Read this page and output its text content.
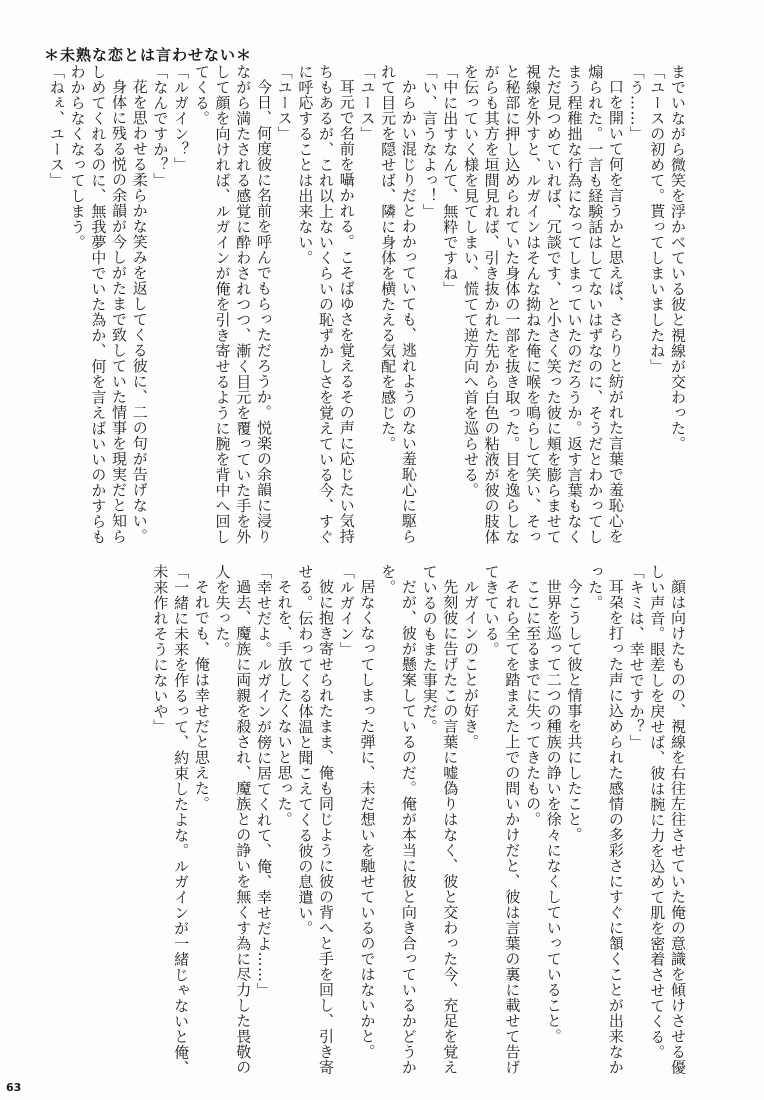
＊未熟な恋とは言わせない＊

までいながら微笑を浮かべている彼と視線が交わった。

「ユースの初めて。貰ってしまいましたね」

「う……」

口を開いて何を言うかと思えば、さらりと紡がれた言葉で羞恥心を煽られた。一言も経験話はしてないはずなのに、そうだとわかってしまう程稚拙な行為になってしまっていたのだろうか。返す言葉もなくただ見つめていれば、冗談です、と小さく笑った彼に頬を膨らませて視線を外すと、ルガインはそんな拗ねた俺に喉を鳴らして笑い、そっと秘部に押し込められていた身体の一部を抜き取った。目を逸らしながらも其方を垣間見れば、引き抜かれた先から白色の粘液が彼の肢体を伝っていく様を見てしまい、慌てて逆方向へ首を巡らせる。

「中に出すなんて、無粋ですね」

「い、言うなよっ！」

からかい混じりだとわかっていても、逃れようのない羞恥心に駆られて目元を隠せば、隣に身体を横たえる気配を感じた。

「ユース」

耳元で名前を囁かれる。こそばゆさを覚えるその声に応じたい気持ちもあるが、これ以上ないくらいの恥ずかしさを覚えている今、すぐに呼応することは出来ない。

「ユース」

今日、何度彼に名前を呼んでもらっただろうか。悦楽の余韻に浸りながら満たされる感覚に酔わされつつ、漸く目元を覆っていた手を外して顔を向ければ、ルガインが俺を引き寄せるように腕を背中へ回してくる。

「ルガイン？」

「なんですか？」

花を思わせる柔らかな笑みを返してくる彼に、二の句が告げない。

身体に残る悦の余韻が今しがたまで致していた情事を現実だと知らしめてくれるのに、無我夢中でいた為か、何を言えばいいのかすらもわからなくなってしまう。

「ねぇ、ユース」

顔は向けたものの、視線を右往左往させていた俺の意識を傾けさせる優しい声音。眼差しを戻せば、彼は腕に力を込めて肌を密着させてくる。

「キミは、幸せですか？」

耳朶を打った声に込められた感情の多彩さにすぐに頷くことが出来なかった。

今こうして彼と情事を共にしたこと。

世界を巡って二つの種族の諍いを徐々になくしていっていること。

ここに至るまでに失ってきたもの。

それら全てを踏まえた上での問いかけだと、彼は言葉の裏に載せて告げてきている。

ルガインのことが好き。

先刻彼に告げたこの言葉に嘘偽りはなく、彼と交わった今、充足を覚えているのもまた事実だ。

だが、彼が懸案しているのだ。俺が本当に彼と向き合っているかどうかを。

居なくなってしまった弾に、未だ想いを馳せているのではないかと。

「ルガイン」

彼に抱き寄せられたまま、俺も同じように彼の背へと手を回し、引き寄せる。伝わってくる体温と聞こえてくる彼の息遣い。

それを、手放したくないと思った。

「幸せだよ。ルガインが傍に居てくれて、俺、幸せだよ……」

過去、魔族に両親を殺され、魔族との諍いを無くす為に尽力した畏敬の人を失った。

それでも、俺は幸せだと思えた。

「一緒に未来を作るって、約束したよな。ルガインが一緒じゃないと俺、未来作れそうにないや」

63
